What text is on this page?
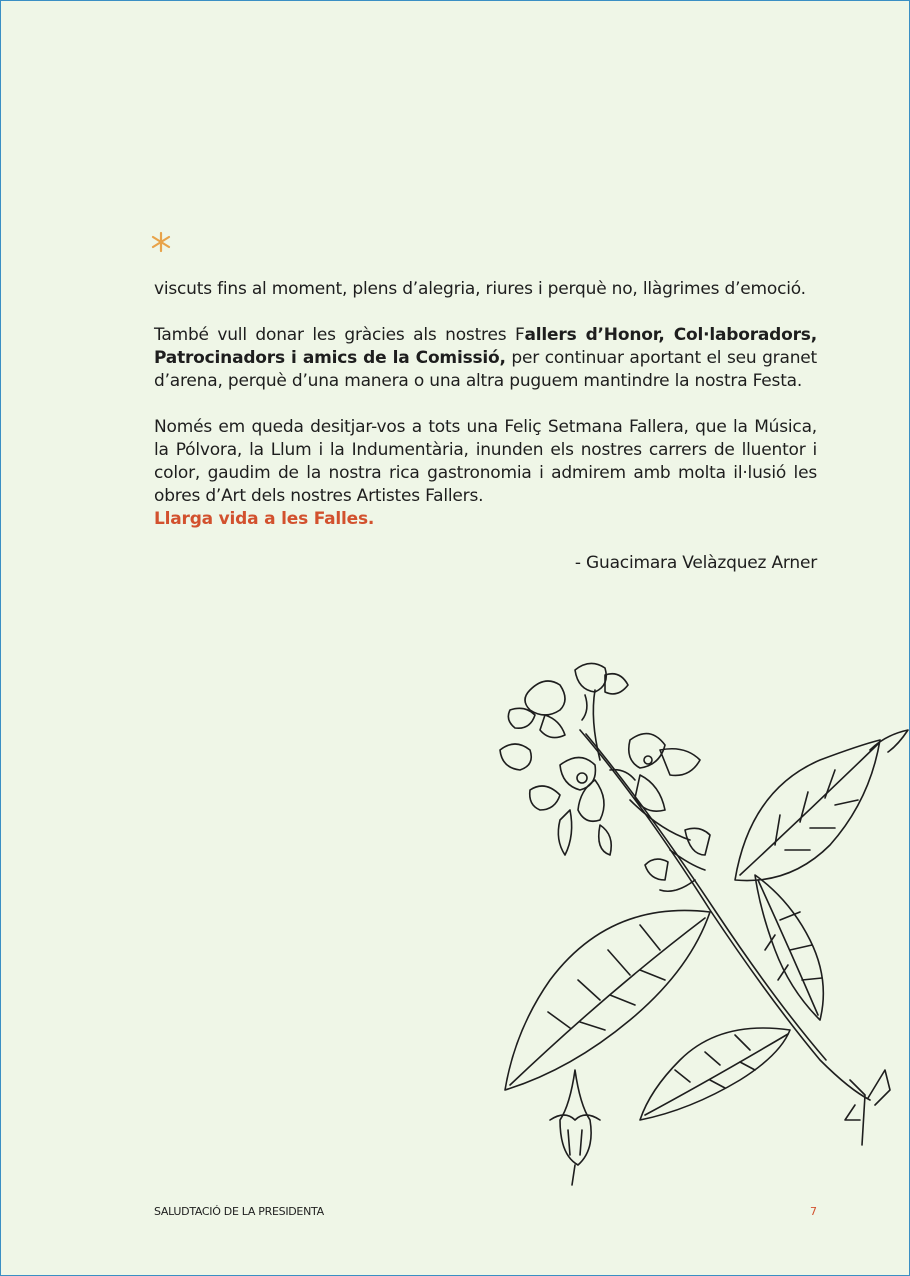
viscuts fins al moment, plens d’alegria, riures i perquè no, llàgrimes d’emoció.

També vull donar les gràcies als nostres Fallers d’Honor, Col·laboradors, Patrocinadors i amics de la Comissió, per continuar aportant el seu granet d’arena, perquè d’una manera o una altra puguem mantindre la nostra Festa.

Només em queda desitjar-vos a tots una Feliç Setmana Fallera, que la Música, la Pólvora, la Llum i la Indumentària, inunden els nostres carrers de lluentor i color, gaudim de la nostra rica gastronomia i admirem amb molta il·lusió les obres d’Art dels nostres Artistes Fallers.

Llarga vida a les Falles.

- Guacimara Velàzquez Arner
SALUDTACIÓ DE LA PRESIDENTA	7
